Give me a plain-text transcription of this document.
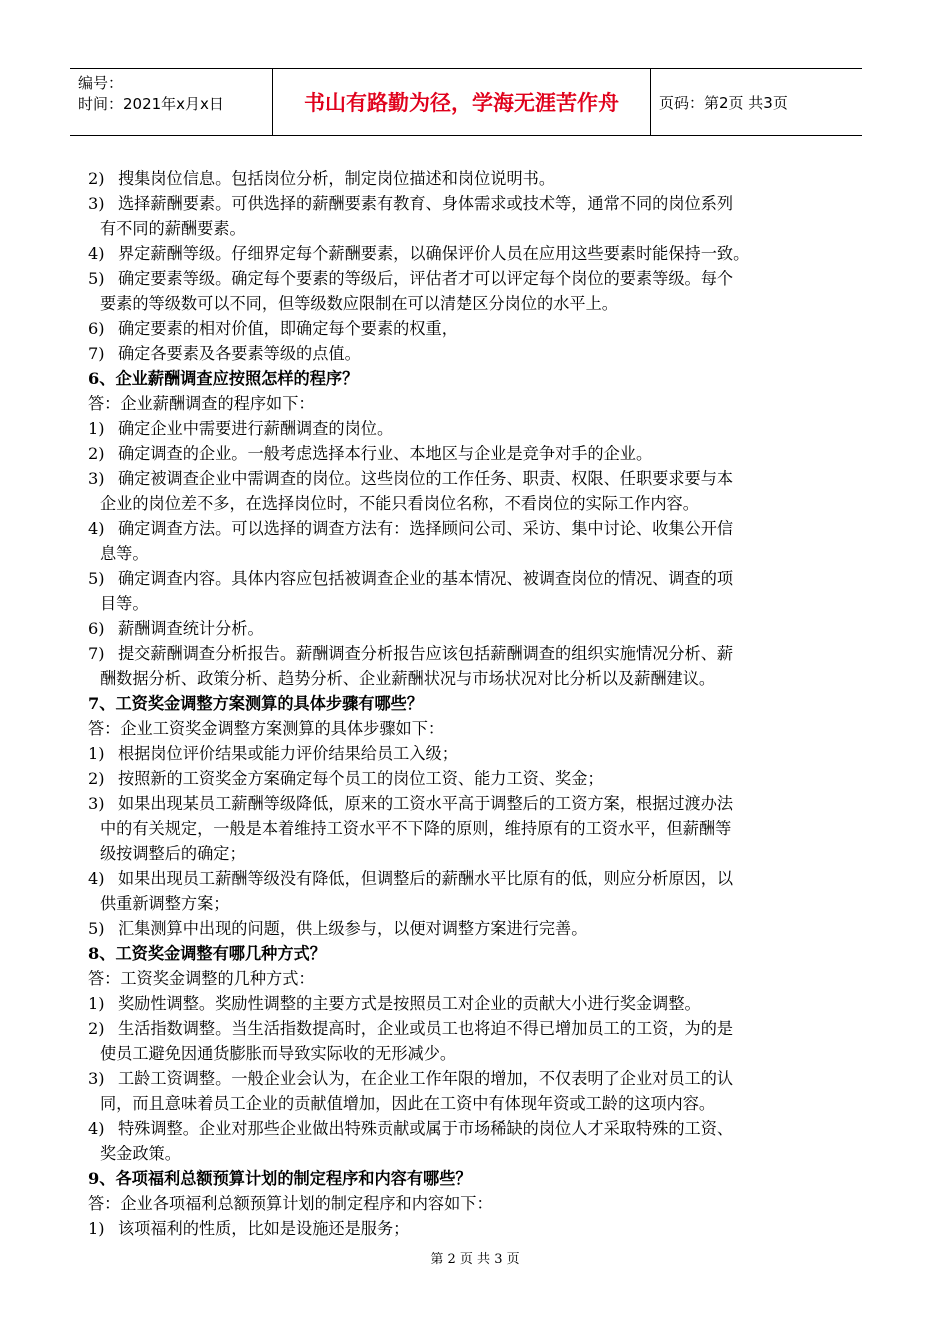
编号：
时间：2021年x月x日	书山有路勤为径，学海无涯苦作舟	页码：第2页 共3页
2) 搜集岗位信息。包括岗位分析，制定岗位描述和岗位说明书。
3) 选择薪酬要素。可供选择的薪酬要素有教育、身体需求或技术等，通常不同的岗位系列
有不同的薪酬要素。
4) 界定薪酬等级。仔细界定每个薪酬要素，以确保评价人员在应用这些要素时能保持一致。
5) 确定要素等级。确定每个要素的等级后，评估者才可以评定每个岗位的要素等级。每个
要素的等级数可以不同，但等级数应限制在可以清楚区分岗位的水平上。
6) 确定要素的相对价值，即确定每个要素的权重，
7) 确定各要素及各要素等级的点值。
6、企业薪酬调查应按照怎样的程序？
答：企业薪酬调查的程序如下：
1) 确定企业中需要进行薪酬调查的岗位。
2) 确定调查的企业。一般考虑选择本行业、本地区与企业是竞争对手的企业。
3) 确定被调查企业中需调查的岗位。这些岗位的工作任务、职责、权限、任职要求要与本
企业的岗位差不多，在选择岗位时，不能只看岗位名称，不看岗位的实际工作内容。
4) 确定调查方法。可以选择的调查方法有：选择顾问公司、采访、集中讨论、收集公开信
息等。
5) 确定调查内容。具体内容应包括被调查企业的基本情况、被调查岗位的情况、调查的项
目等。
6) 薪酬调查统计分析。
7) 提交薪酬调查分析报告。薪酬调查分析报告应该包括薪酬调查的组织实施情况分析、薪
酬数据分析、政策分析、趋势分析、企业薪酬状况与市场状况对比分析以及薪酬建议。
7、工资奖金调整方案测算的具体步骤有哪些？
答：企业工资奖金调整方案测算的具体步骤如下：
1) 根据岗位评价结果或能力评价结果给员工入级；
2) 按照新的工资奖金方案确定每个员工的岗位工资、能力工资、奖金；
3) 如果出现某员工薪酬等级降低，原来的工资水平高于调整后的工资方案，根据过渡办法
中的有关规定，一般是本着维持工资水平不下降的原则，维持原有的工资水平，但薪酬等
级按调整后的确定；
4) 如果出现员工薪酬等级没有降低，但调整后的薪酬水平比原有的低，则应分析原因，以
供重新调整方案；
5) 汇集测算中出现的问题，供上级参与，以便对调整方案进行完善。
8、工资奖金调整有哪几种方式？
答：工资奖金调整的几种方式：
1) 奖励性调整。奖励性调整的主要方式是按照员工对企业的贡献大小进行奖金调整。
2) 生活指数调整。当生活指数提高时，企业或员工也将迫不得已增加员工的工资，为的是
使员工避免因通货膨胀而导致实际收的无形减少。
3) 工龄工资调整。一般企业会认为，在企业工作年限的增加，不仅表明了企业对员工的认
同，而且意味着员工企业的贡献值增加，因此在工资中有体现年资或工龄的这项内容。
4) 特殊调整。企业对那些企业做出特殊贡献或属于市场稀缺的岗位人才采取特殊的工资、
奖金政策。
9、各项福利总额预算计划的制定程序和内容有哪些？
答：企业各项福利总额预算计划的制定程序和内容如下：
1) 该项福利的性质，比如是设施还是服务；
第 2 页 共 3 页
